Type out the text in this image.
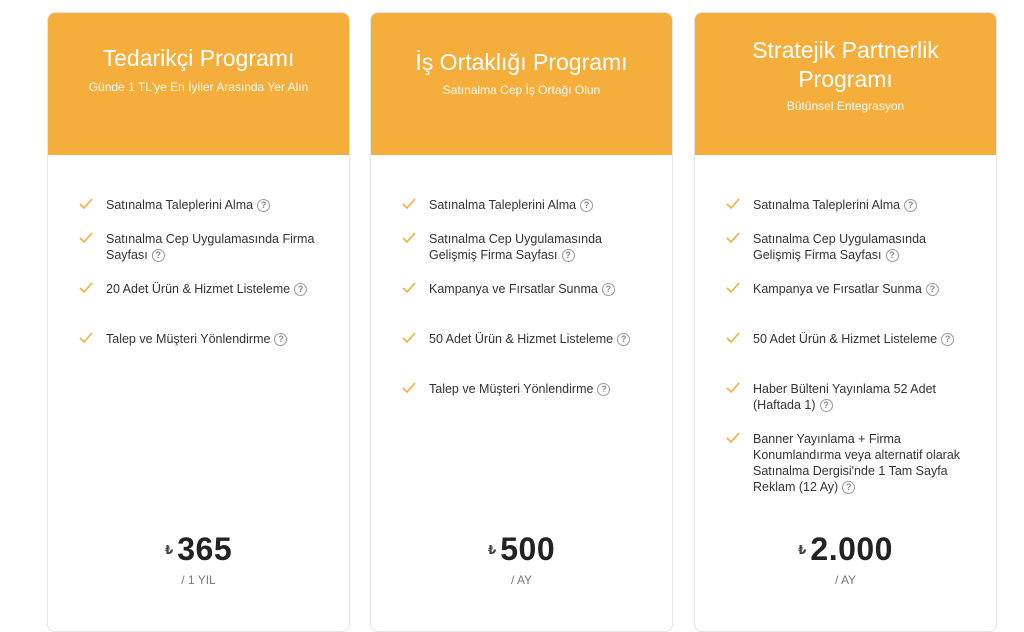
Tedarikçi Programı
Günde 1 TL'ye En İyiler Arasında Yer Alın
Satınalma Taleplerini Alma ?
Satınalma Cep Uygulamasında Firma Sayfası ?
20 Adet Ürün & Hizmet Listeleme ?
Talep ve Müşteri Yönlendirme ?
₺ 365
/ 1 YIL
İş Ortaklığı Programı
Satınalma Cep İş Ortağı Olun
Satınalma Taleplerini Alma ?
Satınalma Cep Uygulamasında Gelişmiş Firma Sayfası ?
Kampanya ve Fırsatlar Sunma ?
50 Adet Ürün & Hizmet Listeleme ?
Talep ve Müşteri Yönlendirme ?
₺ 500
/ AY
Stratejik Partnerlik Programı
Bütünsel Entegrasyon
Satınalma Taleplerini Alma ?
Satınalma Cep Uygulamasında Gelişmiş Firma Sayfası ?
Kampanya ve Fırsatlar Sunma ?
50 Adet Ürün & Hizmet Listeleme ?
Haber Bülteni Yayınlama 52 Adet (Haftada 1) ?
Banner Yayınlama + Firma Konumlandırma veya alternatif olarak Satınalma Dergisi'nde 1 Tam Sayfa Reklam (12 Ay) ?
₺ 2.000
/ AY
